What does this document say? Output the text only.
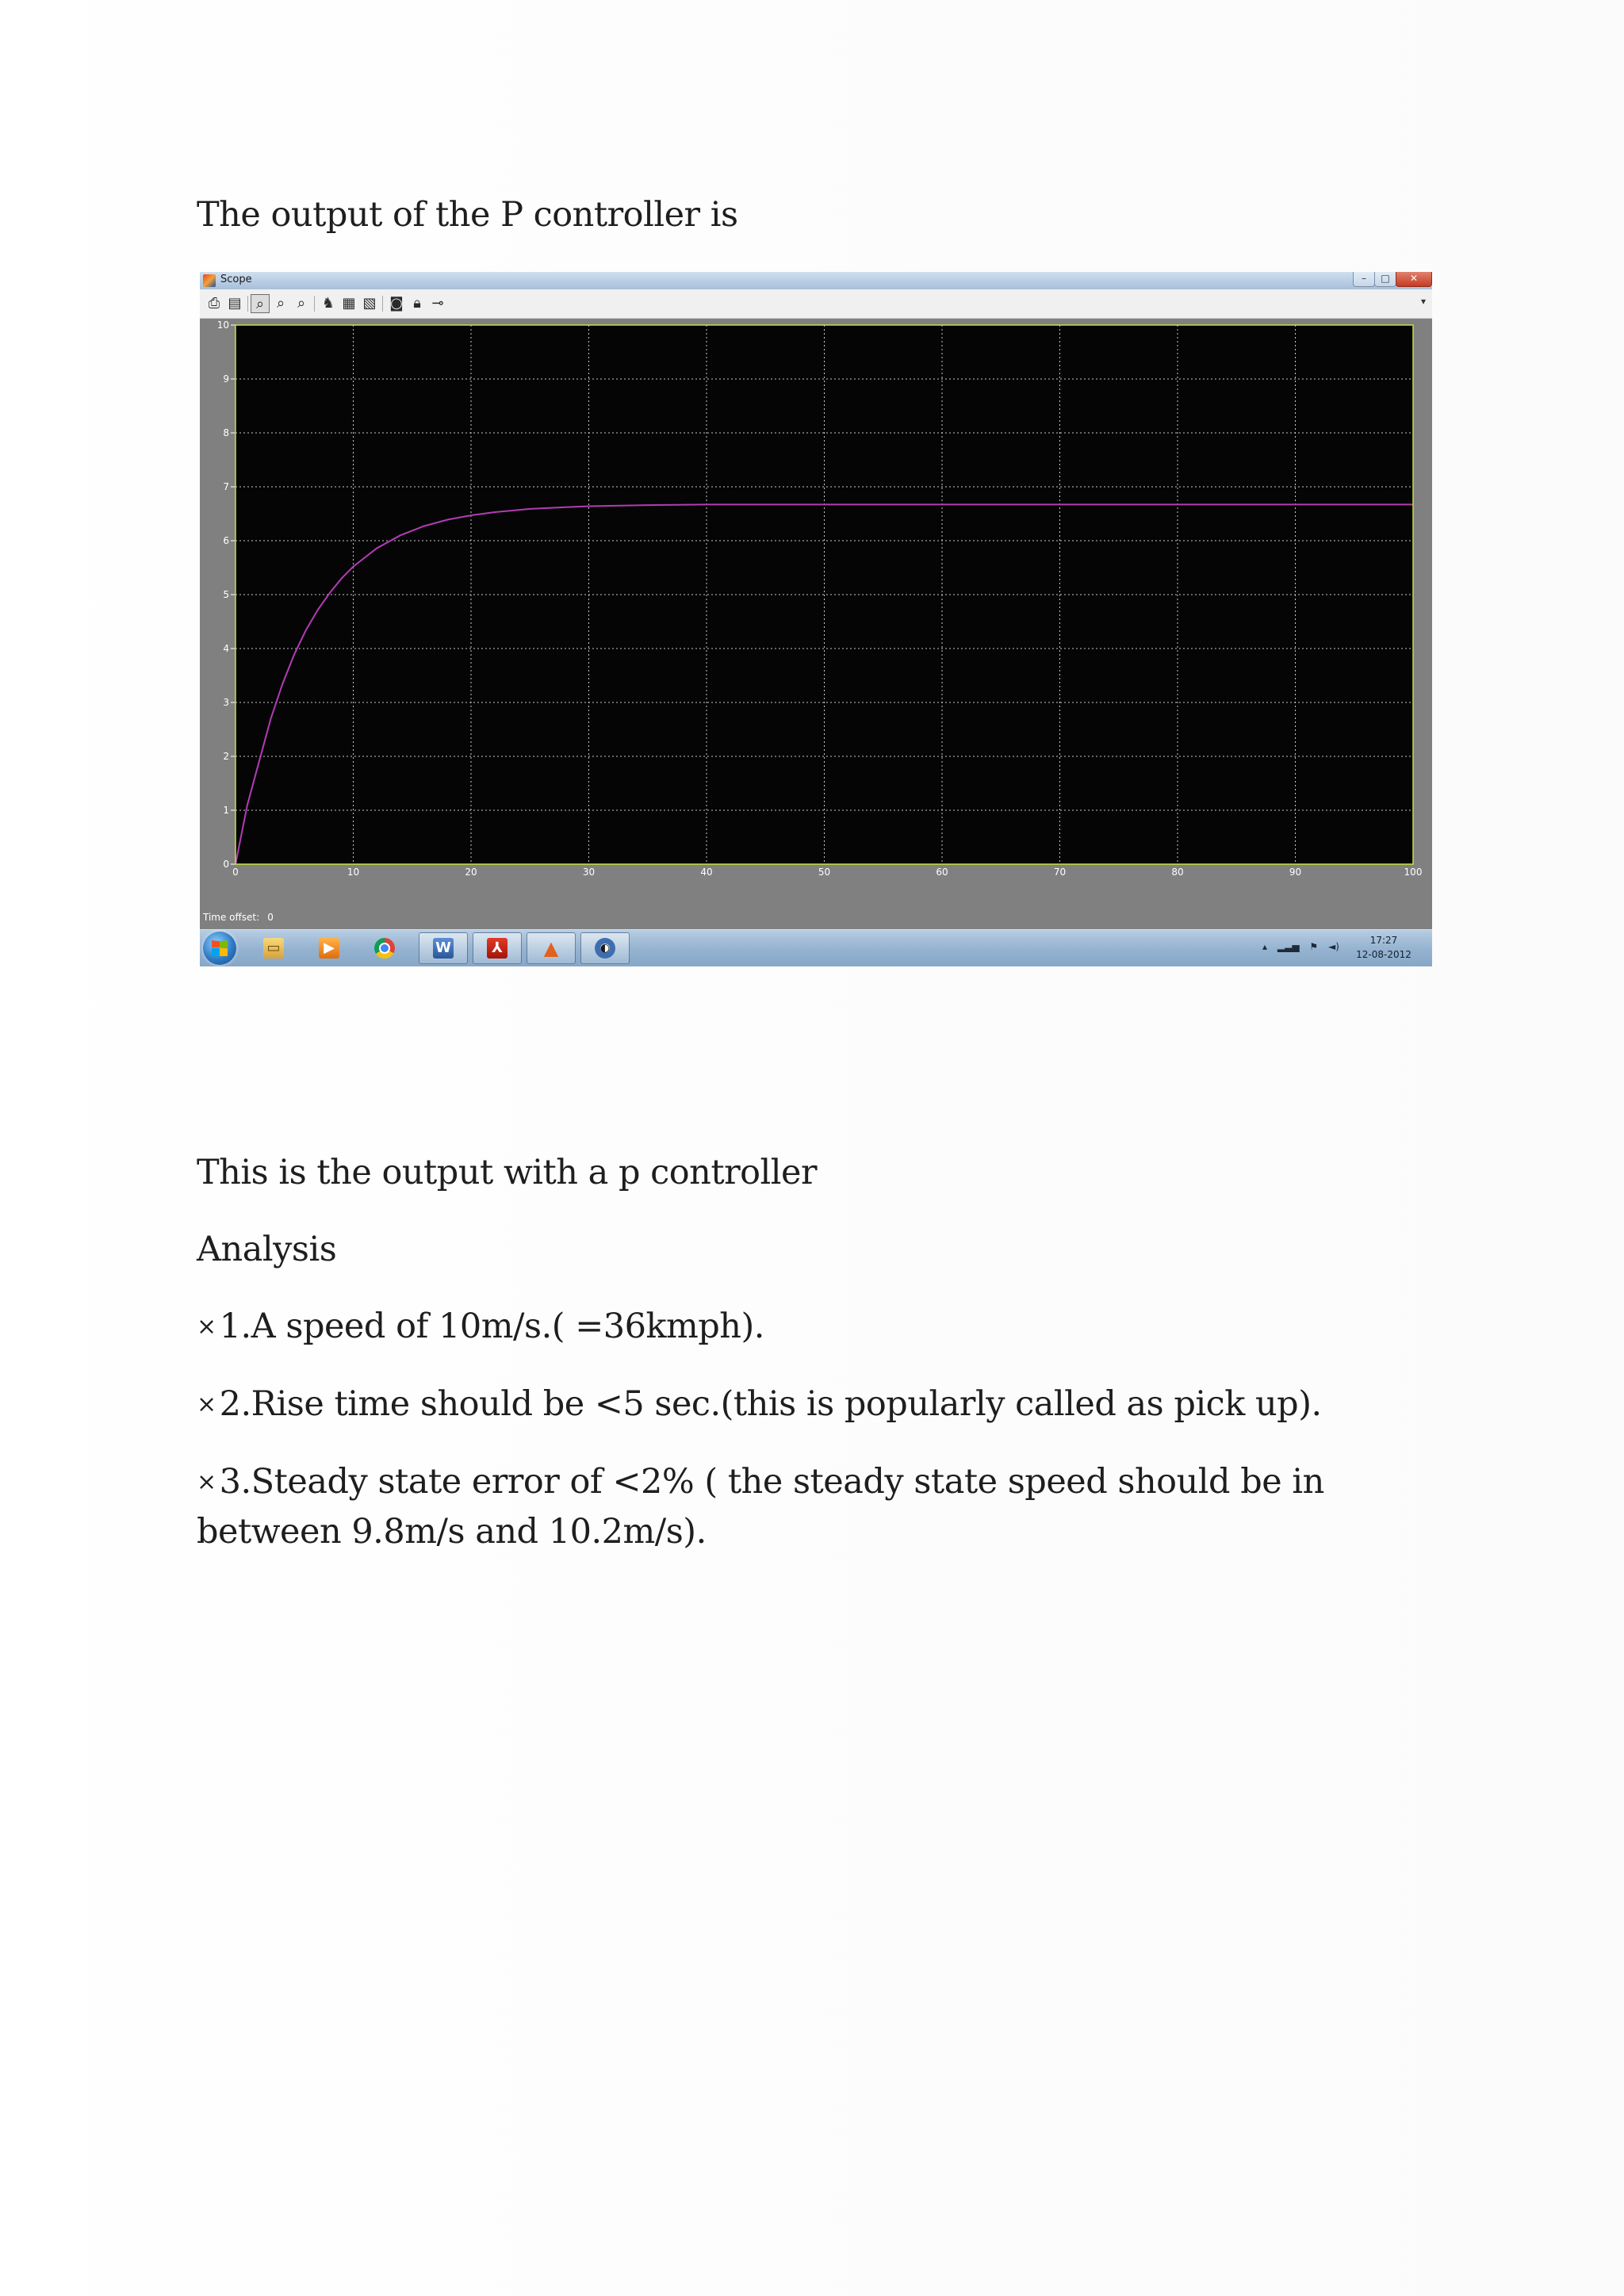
The output of the P controller is
Scope	–	□	✕
⎙ ▤	⌕ ⌕ ⌕	♞ ▦ ▧ ◙ 🔒︎ ⊸	▾
0	10	20	30	40	50	60	70	80	90	100
0
1
2
3
4
5
6
7
8
9
10
Time offset: 0
▭	▶	W	⅄ ▲	◐	▴ ▂▃▅ ⚑ ◄)
17:27
12-08-2012
This is the output with a p controller
Analysis
×1.A speed of 10m/s.( =36kmph).
×2.Rise time should be <5 sec.(this is popularly called as pick up).
×3.Steady state error of <2% ( the steady state speed should be in between 9.8m/s and 10.2m/s).
